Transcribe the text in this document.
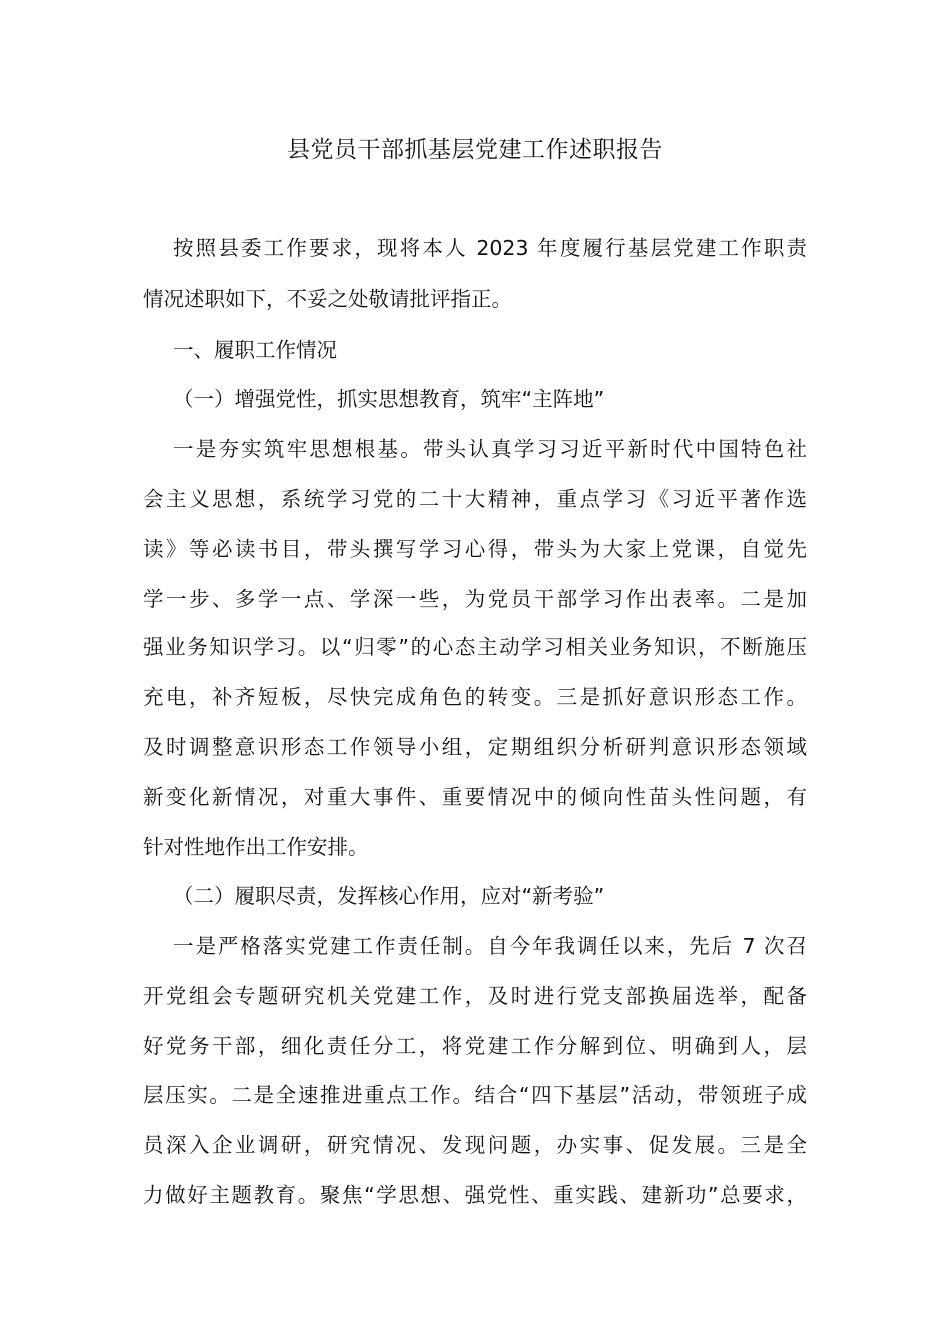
县党员干部抓基层党建工作述职报告
按照县委工作要求，现将本人 2023 年度履行基层党建工作职责
情况述职如下，不妥之处敬请批评指正。
一、履职工作情况
（一）增强党性，抓实思想教育，筑牢“主阵地”
一是夯实筑牢思想根基。带头认真学习习近平新时代中国特色社
会主义思想，系统学习党的二十大精神，重点学习《习近平著作选
读》等必读书目，带头撰写学习心得，带头为大家上党课，自觉先
学一步、多学一点、学深一些，为党员干部学习作出表率。二是加
强业务知识学习。以“归零”的心态主动学习相关业务知识，不断施压
充电，补齐短板，尽快完成角色的转变。三是抓好意识形态工作。
及时调整意识形态工作领导小组，定期组织分析研判意识形态领域
新变化新情况，对重大事件、重要情况中的倾向性苗头性问题，有
针对性地作出工作安排。
（二）履职尽责，发挥核心作用，应对“新考验”
一是严格落实党建工作责任制。自今年我调任以来，先后 7 次召
开党组会专题研究机关党建工作，及时进行党支部换届选举，配备
好党务干部，细化责任分工，将党建工作分解到位、明确到人，层
层压实。二是全速推进重点工作。结合“四下基层”活动，带领班子成
员深入企业调研，研究情况、发现问题，办实事、促发展。三是全
力做好主题教育。聚焦“学思想、强党性、重实践、建新功”总要求，
